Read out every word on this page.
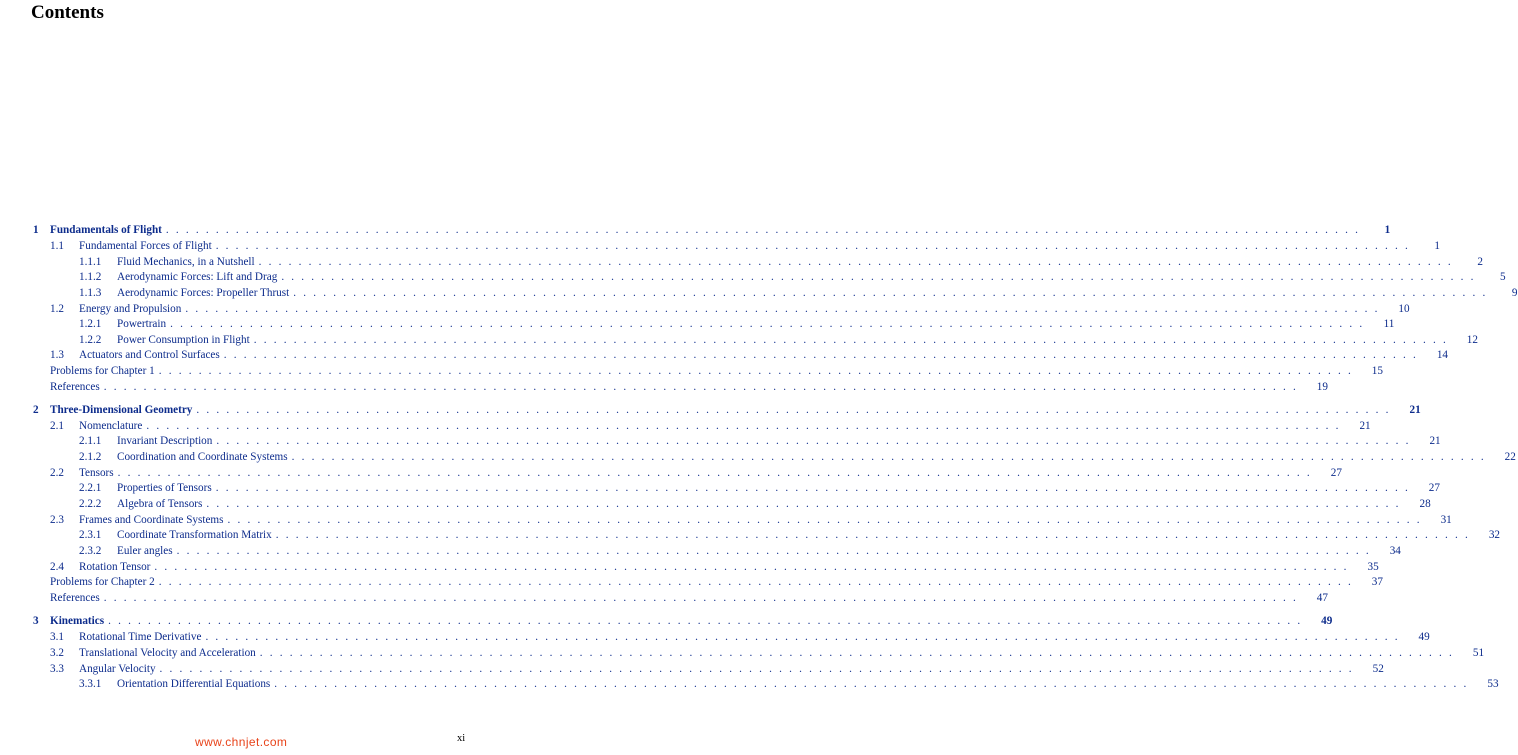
Contents
1 Fundamentals of Flight . . . . . . . . . . . . . . . . . . . . . . . . . . . . . . . . . . . . . . . . . . . . . . . . . . . . . . . . . . . . . . . . . . . . . . . . . . . . . . . . . . . . . . . . . . . . . . . . . . . . . . . . . . . . . . . . . . . . . . . .	1
1.1 Fundamental Forces of Flight . . . . . . . . . . . . . . . . . . . . . . . . . . . . . . . . . . . . . . . . . . . . . . . . . . . . . . . . . . . . . . . . . . . . . . . . . . . . . . . . . . . . . . . . . . . . . . . . . . . . . . . . . . . . . . . . . . . . . . . .	1
1.1.1 Fluid Mechanics, in a Nutshell . . . . . . . . . . . . . . . . . . . . . . . . . . . . . . . . . . . . . . . . . . . . . . . . . . . . . . . . . . . . . . . . . . . . . . . . . . . . . . . . . . . . . . . . . . . . . . . . . . . . . . . . . . . . . . . . . . . . . . . .	2
1.1.2 Aerodynamic Forces: Lift and Drag . . . . . . . . . . . . . . . . . . . . . . . . . . . . . . . . . . . . . . . . . . . . . . . . . . . . . . . . . . . . . . . . . . . . . . . . . . . . . . . . . . . . . . . . . . . . . . . . . . . . . . . . . . . . . . . . . . . . . . . .	5
1.1.3 Aerodynamic Forces: Propeller Thrust . . . . . . . . . . . . . . . . . . . . . . . . . . . . . . . . . . . . . . . . . . . . . . . . . . . . . . . . . . . . . . . . . . . . . . . . . . . . . . . . . . . . . . . . . . . . . . . . . . . . . . . . . . . . . . . . . . . . . . . .	9
1.2 Energy and Propulsion . . . . . . . . . . . . . . . . . . . . . . . . . . . . . . . . . . . . . . . . . . . . . . . . . . . . . . . . . . . . . . . . . . . . . . . . . . . . . . . . . . . . . . . . . . . . . . . . . . . . . . . . . . . . . . . . . . . . . . . .	10
1.2.1 Powertrain . . . . . . . . . . . . . . . . . . . . . . . . . . . . . . . . . . . . . . . . . . . . . . . . . . . . . . . . . . . . . . . . . . . . . . . . . . . . . . . . . . . . . . . . . . . . . . . . . . . . . . . . . . . . . . . . . . . . . . . .	11
1.2.2 Power Consumption in Flight . . . . . . . . . . . . . . . . . . . . . . . . . . . . . . . . . . . . . . . . . . . . . . . . . . . . . . . . . . . . . . . . . . . . . . . . . . . . . . . . . . . . . . . . . . . . . . . . . . . . . . . . . . . . . . . . . . . . . . . .	12
1.3 Actuators and Control Surfaces . . . . . . . . . . . . . . . . . . . . . . . . . . . . . . . . . . . . . . . . . . . . . . . . . . . . . . . . . . . . . . . . . . . . . . . . . . . . . . . . . . . . . . . . . . . . . . . . . . . . . . . . . . . . . . . . . . . . . . . .	14
Problems for Chapter 1 . . . . . . . . . . . . . . . . . . . . . . . . . . . . . . . . . . . . . . . . . . . . . . . . . . . . . . . . . . . . . . . . . . . . . . . . . . . . . . . . . . . . . . . . . . . . . . . . . . . . . . . . . . . . . . . . . . . . . . . .	15
References . . . . . . . . . . . . . . . . . . . . . . . . . . . . . . . . . . . . . . . . . . . . . . . . . . . . . . . . . . . . . . . . . . . . . . . . . . . . . . . . . . . . . . . . . . . . . . . . . . . . . . . . . . . . . . . . . . . . . . . .	19
2 Three-Dimensional Geometry . . . . . . . . . . . . . . . . . . . . . . . . . . . . . . . . . . . . . . . . . . . . . . . . . . . . . . . . . . . . . . . . . . . . . . . . . . . . . . . . . . . . . . . . . . . . . . . . . . . . . . . . . . . . . . . . . . . . . . . .	21
2.1 Nomenclature . . . . . . . . . . . . . . . . . . . . . . . . . . . . . . . . . . . . . . . . . . . . . . . . . . . . . . . . . . . . . . . . . . . . . . . . . . . . . . . . . . . . . . . . . . . . . . . . . . . . . . . . . . . . . . . . . . . . . . . .	21
2.1.1 Invariant Description . . . . . . . . . . . . . . . . . . . . . . . . . . . . . . . . . . . . . . . . . . . . . . . . . . . . . . . . . . . . . . . . . . . . . . . . . . . . . . . . . . . . . . . . . . . . . . . . . . . . . . . . . . . . . . . . . . . . . . . .	21
2.1.2 Coordination and Coordinate Systems . . . . . . . . . . . . . . . . . . . . . . . . . . . . . . . . . . . . . . . . . . . . . . . . . . . . . . . . . . . . . . . . . . . . . . . . . . . . . . . . . . . . . . . . . . . . . . . . . . . . . . . . . . . . . . . . . . . . . . . .	22
2.2 Tensors . . . . . . . . . . . . . . . . . . . . . . . . . . . . . . . . . . . . . . . . . . . . . . . . . . . . . . . . . . . . . . . . . . . . . . . . . . . . . . . . . . . . . . . . . . . . . . . . . . . . . . . . . . . . . . . . . . . . . . . .	27
2.2.1 Properties of Tensors . . . . . . . . . . . . . . . . . . . . . . . . . . . . . . . . . . . . . . . . . . . . . . . . . . . . . . . . . . . . . . . . . . . . . . . . . . . . . . . . . . . . . . . . . . . . . . . . . . . . . . . . . . . . . . . . . . . . . . . .	27
2.2.2 Algebra of Tensors . . . . . . . . . . . . . . . . . . . . . . . . . . . . . . . . . . . . . . . . . . . . . . . . . . . . . . . . . . . . . . . . . . . . . . . . . . . . . . . . . . . . . . . . . . . . . . . . . . . . . . . . . . . . . . . . . . . . . . . .	28
2.3 Frames and Coordinate Systems . . . . . . . . . . . . . . . . . . . . . . . . . . . . . . . . . . . . . . . . . . . . . . . . . . . . . . . . . . . . . . . . . . . . . . . . . . . . . . . . . . . . . . . . . . . . . . . . . . . . . . . . . . . . . . . . . . . . . . . .	31
2.3.1 Coordinate Transformation Matrix . . . . . . . . . . . . . . . . . . . . . . . . . . . . . . . . . . . . . . . . . . . . . . . . . . . . . . . . . . . . . . . . . . . . . . . . . . . . . . . . . . . . . . . . . . . . . . . . . . . . . . . . . . . . . . . . . . . . . . . .	32
2.3.2 Euler angles . . . . . . . . . . . . . . . . . . . . . . . . . . . . . . . . . . . . . . . . . . . . . . . . . . . . . . . . . . . . . . . . . . . . . . . . . . . . . . . . . . . . . . . . . . . . . . . . . . . . . . . . . . . . . . . . . . . . . . . .	34
2.4 Rotation Tensor . . . . . . . . . . . . . . . . . . . . . . . . . . . . . . . . . . . . . . . . . . . . . . . . . . . . . . . . . . . . . . . . . . . . . . . . . . . . . . . . . . . . . . . . . . . . . . . . . . . . . . . . . . . . . . . . . . . . . . . .	35
Problems for Chapter 2 . . . . . . . . . . . . . . . . . . . . . . . . . . . . . . . . . . . . . . . . . . . . . . . . . . . . . . . . . . . . . . . . . . . . . . . . . . . . . . . . . . . . . . . . . . . . . . . . . . . . . . . . . . . . . . . . . . . . . . . .	37
References . . . . . . . . . . . . . . . . . . . . . . . . . . . . . . . . . . . . . . . . . . . . . . . . . . . . . . . . . . . . . . . . . . . . . . . . . . . . . . . . . . . . . . . . . . . . . . . . . . . . . . . . . . . . . . . . . . . . . . . .	47
3 Kinematics . . . . . . . . . . . . . . . . . . . . . . . . . . . . . . . . . . . . . . . . . . . . . . . . . . . . . . . . . . . . . . . . . . . . . . . . . . . . . . . . . . . . . . . . . . . . . . . . . . . . . . . . . . . . . . . . . . . . . . . .	49
3.1 Rotational Time Derivative . . . . . . . . . . . . . . . . . . . . . . . . . . . . . . . . . . . . . . . . . . . . . . . . . . . . . . . . . . . . . . . . . . . . . . . . . . . . . . . . . . . . . . . . . . . . . . . . . . . . . . . . . . . . . . . . . . . . . . . .	49
3.2 Translational Velocity and Acceleration . . . . . . . . . . . . . . . . . . . . . . . . . . . . . . . . . . . . . . . . . . . . . . . . . . . . . . . . . . . . . . . . . . . . . . . . . . . . . . . . . . . . . . . . . . . . . . . . . . . . . . . . . . . . . . . . . . . . . . . .	51
3.3 Angular Velocity . . . . . . . . . . . . . . . . . . . . . . . . . . . . . . . . . . . . . . . . . . . . . . . . . . . . . . . . . . . . . . . . . . . . . . . . . . . . . . . . . . . . . . . . . . . . . . . . . . . . . . . . . . . . . . . . . . . . . . . .	52
3.3.1 Orientation Differential Equations . . . . . . . . . . . . . . . . . . . . . . . . . . . . . . . . . . . . . . . . . . . . . . . . . . . . . . . . . . . . . . . . . . . . . . . . . . . . . . . . . . . . . . . . . . . . . . . . . . . . . . . . . . . . . . . . . . . . . . . .	53
www.chnjet.com	xi
